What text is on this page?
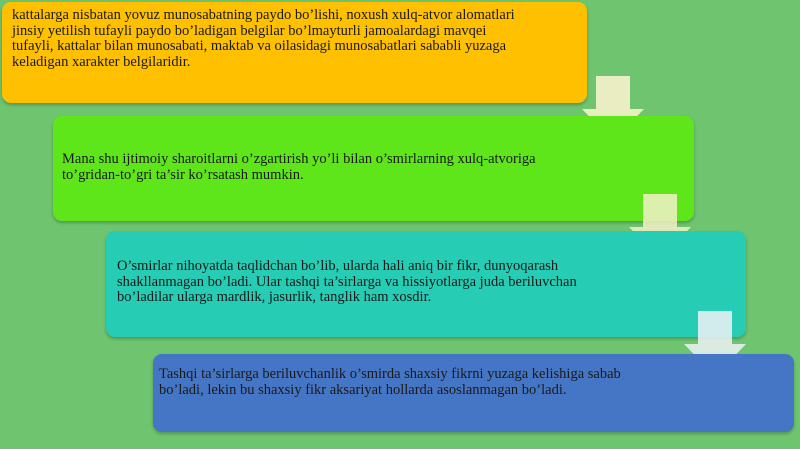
kattalarga nisbatan yovuz munosabatning paydo bo’lishi, noxush xulq-atvor alomatlari jinsiy yetilish tufayli paydo bo’ladigan belgilar bo’lmayturli jamoalardagi mavqei tufayli, kattalar bilan munosabati, maktab va oilasidagi munosabatlari sababli yuzaga keladigan xarakter belgilaridir.

Mana shu ijtimoiy sharoitlarni o’zgartirish yo’li bilan o’smirlarning xulq-atvoriga to’gridan-to’gri ta’sir ko’rsatash mumkin.

O’smirlar nihoyatda taqlidchan bo’lib, ularda hali aniq bir fikr, dunyoqarash shakllanmagan bo’ladi. Ular tashqi ta’sirlarga va hissiyotlarga juda beriluvchan bo’ladilar ularga mardlik, jasurlik, tanglik ham xosdir.

Tashqi ta’sirlarga beriluvchanlik o’smirda shaxsiy fikrni yuzaga kelishiga sabab bo’ladi, lekin bu shaxsiy fikr aksariyat hollarda asoslanmagan bo’ladi.
